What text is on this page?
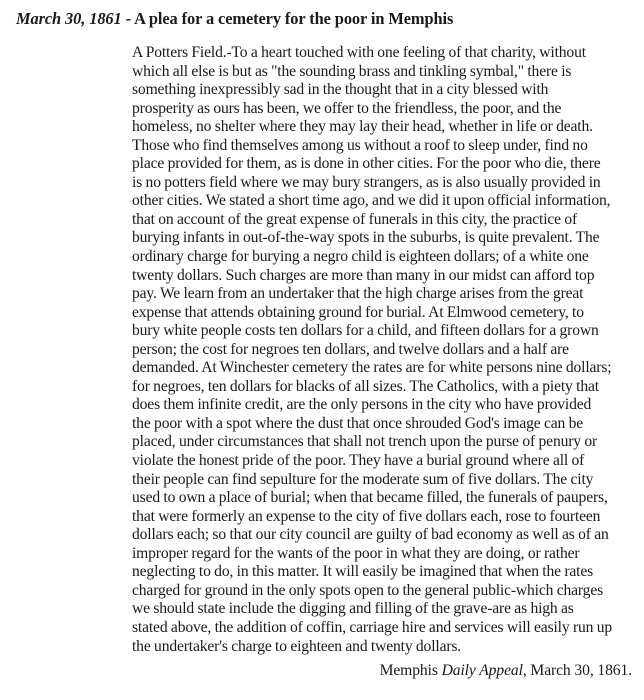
March 30, 1861 - A plea for a cemetery for the poor in Memphis
A Potters Field.-To a heart touched with one feeling of that charity, without
which all else is but as "the sounding brass and tinkling symbal," there is
something inexpressibly sad in the thought that in a city blessed with
prosperity as ours has been, we offer to the friendless, the poor, and the
homeless, no shelter where they may lay their head, whether in life or death.
Those who find themselves among us without a roof to sleep under, find no
place provided for them, as is done in other cities. For the poor who die, there
is no potters field where we may bury strangers, as is also usually provided in
other cities. We stated a short time ago, and we did it upon official information,
that on account of the great expense of funerals in this city, the practice of
burying infants in out-of-the-way spots in the suburbs, is quite prevalent. The
ordinary charge for burying a negro child is eighteen dollars; of a white one
twenty dollars. Such charges are more than many in our midst can afford top
pay. We learn from an undertaker that the high charge arises from the great
expense that attends obtaining ground for burial. At Elmwood cemetery, to
bury white people costs ten dollars for a child, and fifteen dollars for a grown
person; the cost for negroes ten dollars, and twelve dollars and a half are
demanded. At Winchester cemetery the rates are for white persons nine dollars;
for negroes, ten dollars for blacks of all sizes. The Catholics, with a piety that
does them infinite credit, are the only persons in the city who have provided
the poor with a spot where the dust that once shrouded God's image can be
placed, under circumstances that shall not trench upon the purse of penury or
violate the honest pride of the poor. They have a burial ground where all of
their people can find sepulture for the moderate sum of five dollars. The city
used to own a place of burial; when that became filled, the funerals of paupers,
that were formerly an expense to the city of five dollars each, rose to fourteen
dollars each; so that our city council are guilty of bad economy as well as of an
improper regard for the wants of the poor in what they are doing, or rather
neglecting to do, in this matter. It will easily be imagined that when the rates
charged for ground in the only spots open to the general public-which charges
we should state include the digging and filling of the grave-are as high as
stated above, the addition of coffin, carriage hire and services will easily run up
the undertaker's charge to eighteen and twenty dollars.
Memphis Daily Appeal, March 30, 1861.
